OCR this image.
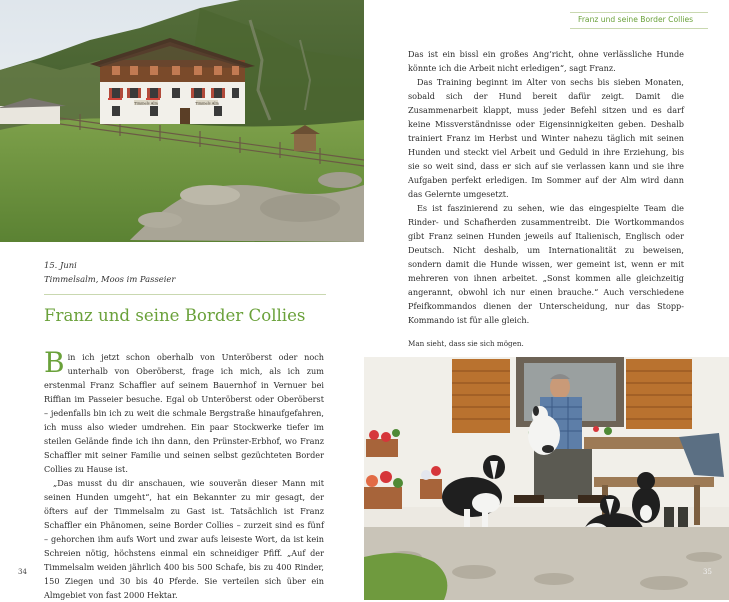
Timmels Alm	Timmels Alm
15. Juni
Timmelsalm, Moos im Passeier
Franz und seine Border Collies

Bin ich jetzt schon oberhalb von Unteröberst oder noch unterhalb von Oberöberst, frage ich mich, als ich zum erstenmal Franz Schaffler auf seinem Bauernhof in Vernuer bei Riffian im Passeier besuche. Egal ob Unteröberst oder Oberöberst – jedenfalls bin ich zu weit die schmale Bergstraße hinaufgefahren, ich muss also wieder umdrehen. Ein paar Stockwerke tiefer im steilen Gelände finde ich ihn dann, den Prünster-Erbhof, wo Franz Schaffler mit seiner Familie und seinen selbst gezüchteten Border Collies zu Hause ist.

„Das musst du dir anschauen, wie souverän dieser Mann mit seinen Hunden umgeht“, hat ein Bekannter zu mir gesagt, der öfters auf der Timmelsalm zu Gast ist. Tatsächlich ist Franz Schaffler ein Phänomen, seine Border Collies – zurzeit sind es fünf – gehorchen ihm aufs Wort und zwar aufs leiseste Wort, da ist kein Schreien nötig, höchstens einmal ein schneidiger Pfiff. „Auf der Timmelsalm weiden jährlich 400 bis 500 Schafe, bis zu 400 Rinder, 150 Ziegen und 30 bis 40 Pferde. Sie verteilen sich über ein Almgebiet von fast 2000 Hektar.

34
Franz und seine Border Collies

Das ist ein bissl ein großes Ang’richt, ohne verlässliche Hunde könnte ich die Arbeit nicht erledigen“, sagt Franz.

Das Training beginnt im Alter von sechs bis sieben Monaten, sobald sich der Hund bereit dafür zeigt. Damit die Zusammenarbeit klappt, muss jeder Befehl sitzen und es darf keine Missverständnisse oder Eigensinnigkeiten geben. Deshalb trainiert Franz im Herbst und Winter nahezu täglich mit seinen Hunden und steckt viel Arbeit und Geduld in ihre Erziehung, bis sie so weit sind, dass er sich auf sie verlassen kann und sie ihre Aufgaben perfekt erledigen. Im Sommer auf der Alm wird dann das Gelernte umgesetzt.

Es ist faszinierend zu sehen, wie das eingespielte Team die Rinder- und Schafherden zusammentreibt. Die Wortkommandos gibt Franz seinen Hunden jeweils auf Italienisch, Englisch oder Deutsch. Nicht deshalb, um Internationalität zu beweisen, sondern damit die Hunde wissen, wer gemeint ist, wenn er mit mehreren von ihnen arbeitet. „Sonst kommen alle gleichzeitig angerannt, obwohl ich nur einen brauche.“ Auch verschiedene Pfeifkommandos dienen der Unterscheidung, nur das Stopp-Kommando ist für alle gleich.

Man sieht, dass sie sich mögen.
35
